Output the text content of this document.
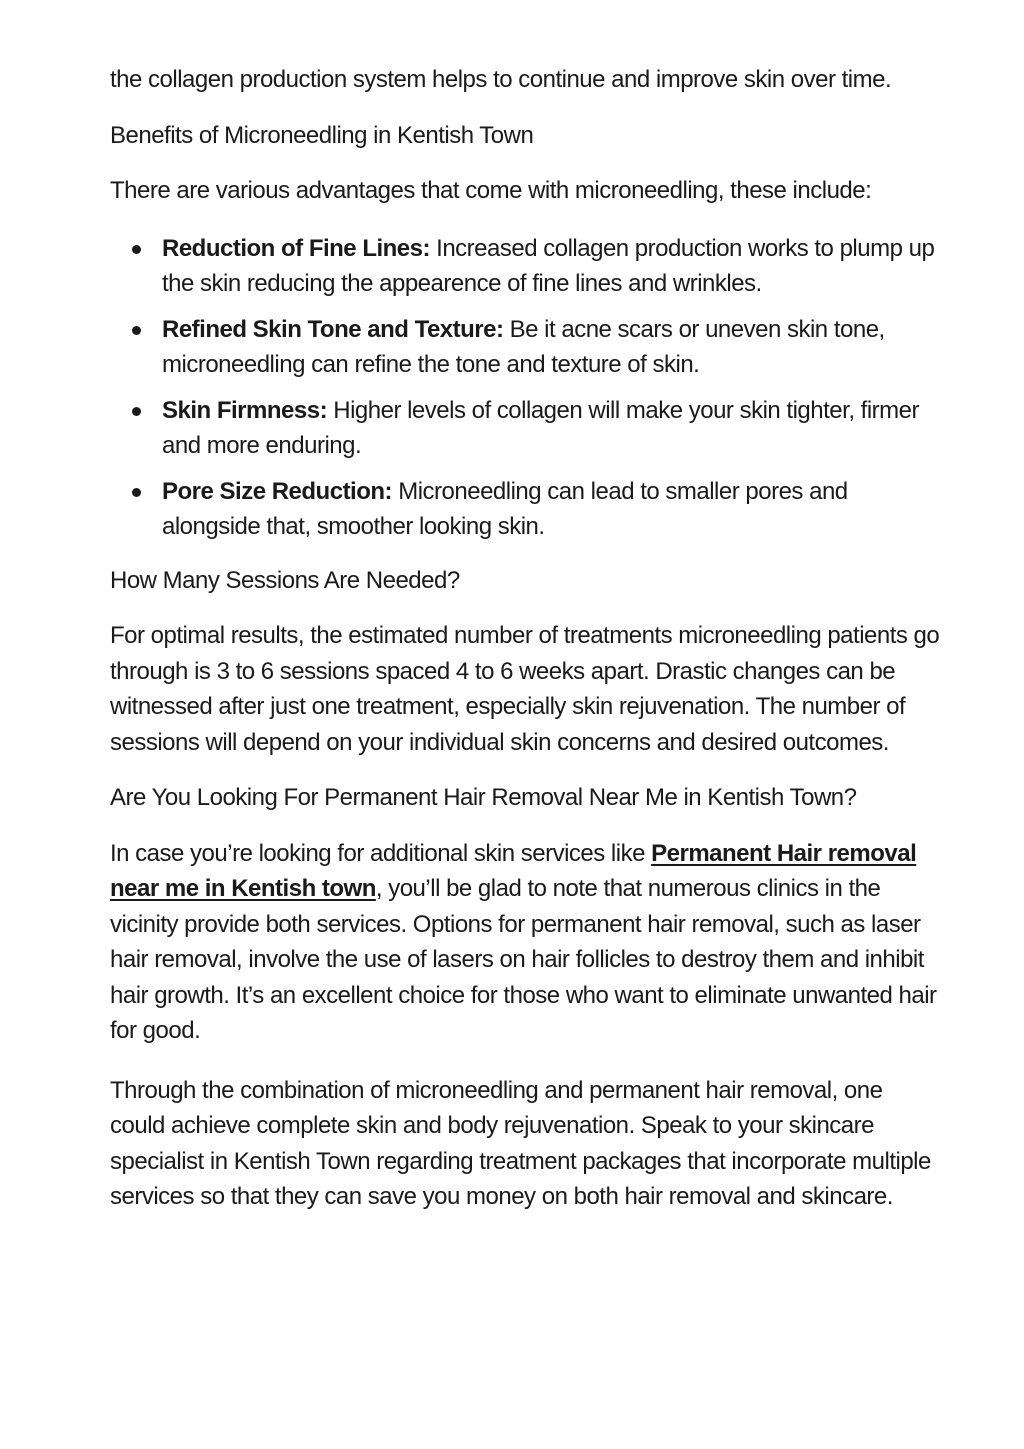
the collagen production system helps to continue and improve skin over time.

Benefits of Microneedling in Kentish Town

There are various advantages that come with microneedling, these include:

Reduction of Fine Lines: Increased collagen production works to plump up the skin reducing the appearence of fine lines and wrinkles.
Refined Skin Tone and Texture: Be it acne scars or uneven skin tone, microneedling can refine the tone and texture of skin.
Skin Firmness: Higher levels of collagen will make your skin tighter, firmer and more enduring.
Pore Size Reduction: Microneedling can lead to smaller pores and alongside that, smoother looking skin.

How Many Sessions Are Needed?

For optimal results, the estimated number of treatments microneedling patients go through is 3 to 6 sessions spaced 4 to 6 weeks apart. Drastic changes can be witnessed after just one treatment, especially skin rejuvenation. The number of sessions will depend on your individual skin concerns and desired outcomes.

Are You Looking For Permanent Hair Removal Near Me in Kentish Town?

In case you’re looking for additional skin services like Permanent Hair removal near me in Kentish town, you’ll be glad to note that numerous clinics in the vicinity provide both services. Options for permanent hair removal, such as laser hair removal, involve the use of lasers on hair follicles to destroy them and inhibit hair growth. It’s an excellent choice for those who want to eliminate unwanted hair for good.

Through the combination of microneedling and permanent hair removal, one could achieve complete skin and body rejuvenation. Speak to your skincare specialist in Kentish Town regarding treatment packages that incorporate multiple services so that they can save you money on both hair removal and skincare.
